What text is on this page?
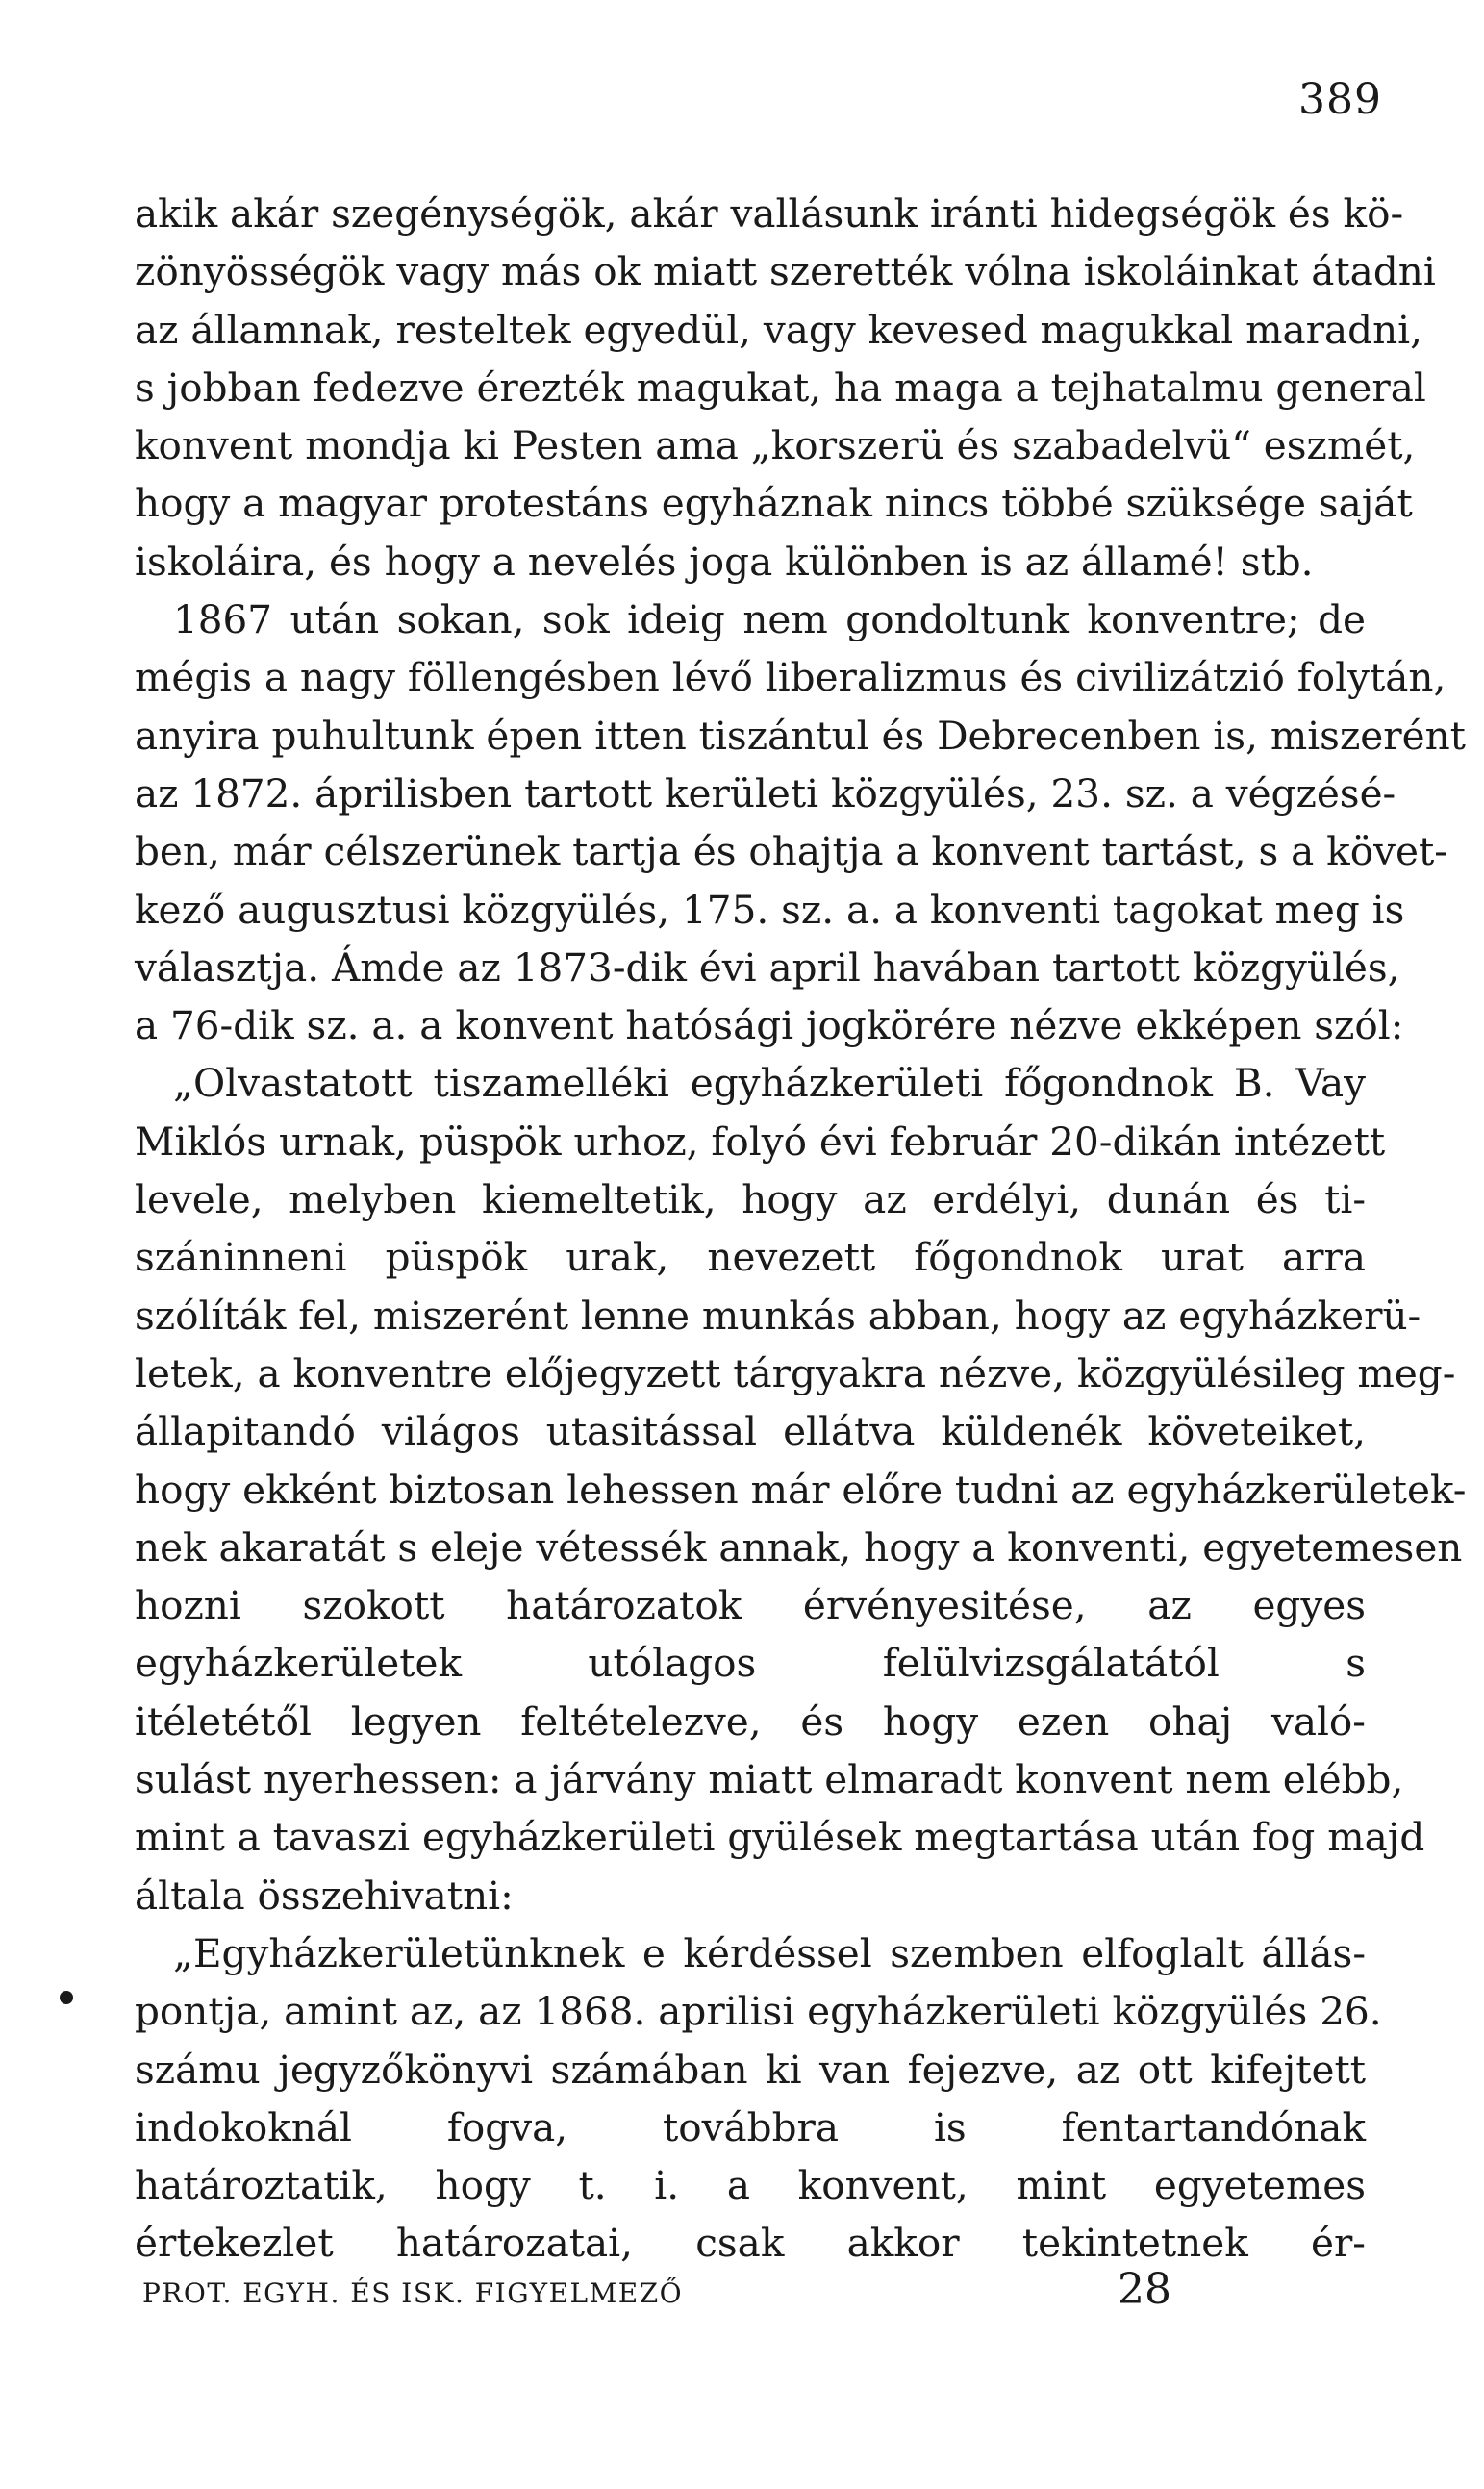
389
akik akár szegénységök, akár vallásunk iránti hidegségök és kö-
zönyösségök vagy más ok miatt szerették vólna iskoláinkat átadni
az államnak, resteltek egyedül, vagy kevesed magukkal maradni,
s jobban fedezve érezték magukat, ha maga a tejhatalmu general
konvent mondja ki Pesten ama „korszerü és szabadelvü“ eszmét,
hogy a magyar protestáns egyháznak nincs többé szüksége saját
iskoláira, és hogy a nevelés joga különben is az államé! stb.
1867 után sokan, sok ideig nem gondoltunk konventre; de
mégis a nagy föllengésben lévő liberalizmus és civilizátzió folytán,
anyira puhultunk épen itten tiszántul és Debrecenben is, miszerént
az 1872. áprilisben tartott kerületi közgyülés, 23. sz. a végzésé-
ben, már célszerünek tartja és ohajtja a konvent tartást, s a követ-
kező augusztusi közgyülés, 175. sz. a. a konventi tagokat meg is
választja. Ámde az 1873-dik évi april havában tartott közgyülés,
a 76-dik sz. a. a konvent hatósági jogkörére nézve ekképen szól:
„Olvastatott tiszamelléki egyházkerületi főgondnok B. Vay
Miklós urnak, püspök urhoz, folyó évi február 20-dikán intézett
levele, melyben kiemeltetik, hogy az erdélyi, dunán és ti-
száninneni püspök urak, nevezett főgondnok urat arra
szólíták fel, miszerént lenne munkás abban, hogy az egyházkerü-
letek, a konventre előjegyzett tárgyakra nézve, közgyülésileg meg-
állapitandó világos utasitással ellátva küldenék követeiket,
hogy ekként biztosan lehessen már előre tudni az egyházkerületek-
nek akaratát s eleje vétessék annak, hogy a konventi, egyetemesen
hozni szokott határozatok érvényesitése, az egyes
egyházkerületek utólagos felülvizsgálatától s
itéletétől legyen feltételezve, és hogy ezen ohaj való-
sulást nyerhessen: a járvány miatt elmaradt konvent nem elébb,
mint a tavaszi egyházkerületi gyülések megtartása után fog majd
általa összehivatni:
„Egyházkerületünknek e kérdéssel szemben elfoglalt állás-
pontja, amint az, az 1868. aprilisi egyházkerületi közgyülés 26.
számu jegyzőkönyvi számában ki van fejezve, az ott kifejtett
indokoknál fogva, továbbra is fentartandónak
határoztatik, hogy t. i. a konvent, mint egyetemes
értekezlet határozatai, csak akkor tekintetnek ér-
PROT. EGYH. ÉS ISK. FIGYELMEZŐ	28
